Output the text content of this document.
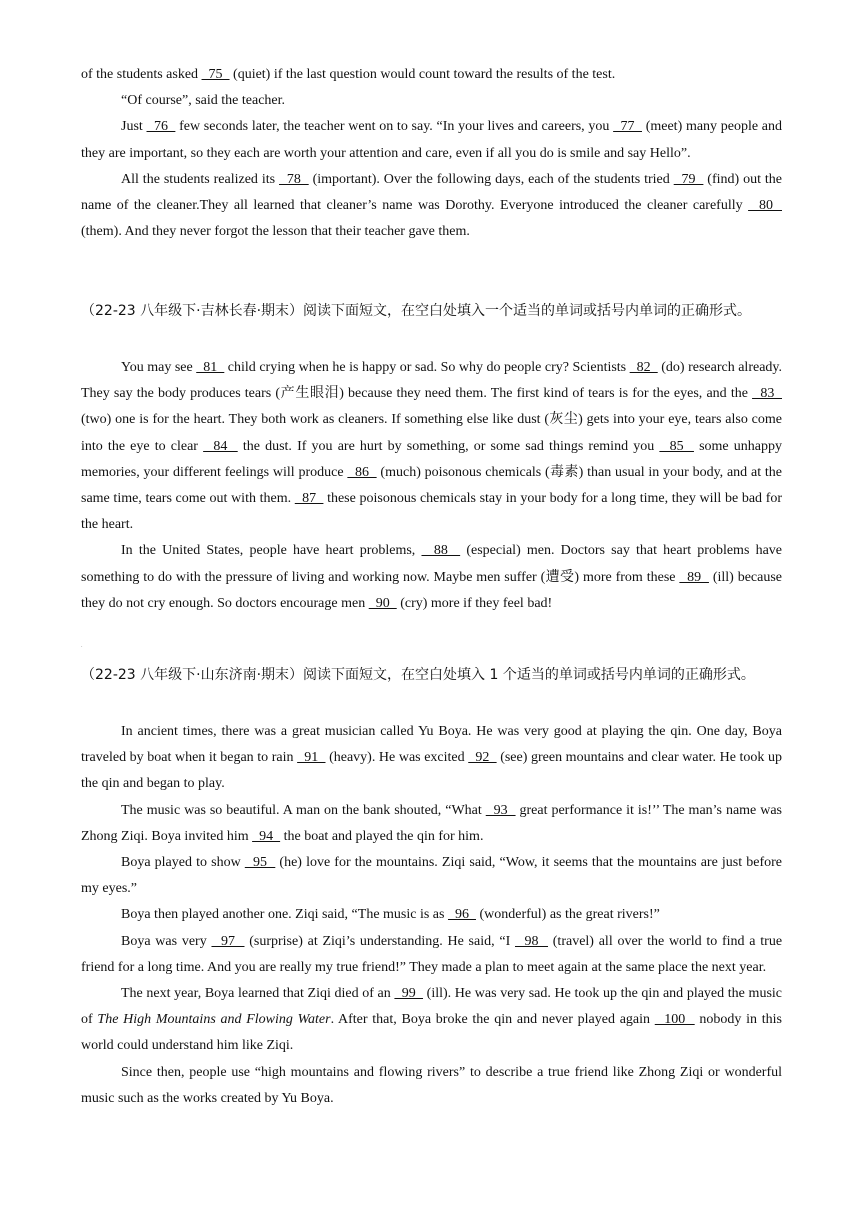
of the students asked   75   (quiet) if the last question would count toward the results of the test.

“Of course”, said the teacher.

Just   76   few seconds later, the teacher went on to say. “In your lives and careers, you   77   (meet) many people and they are important, so they each are worth your attention and care, even if all you do is smile and say Hello”.

All the students realized its   78   (important). Over the following days, each of the students tried   79   (find) out the name of the cleaner.They all learned that cleaner’s name was Dorothy. Everyone introduced the cleaner carefully   80   (them). And they never forgot the lesson that their teacher gave them.

（22-23 八年级下·吉林长春·期末）阅读下面短文，在空白处填入一个适当的单词或括号内单词的正确形式。

You may see   81   child crying when he is happy or sad. So why do people cry? Scientists   82   (do) research already. They say the body produces tears (产生眼泪) because they need them. The first kind of tears is for the eyes, and the   83   (two) one is for the heart. They both work as cleaners. If something else like dust (灰尘) gets into your eye, tears also come into the eye to clear   84   the dust. If you are hurt by something, or some sad things remind you   85   some unhappy memories, your different feelings will produce   86   (much) poisonous chemicals (毒素) than usual in your body, and at the same time, tears come out with them.   87   these poisonous chemicals stay in your body for a long time, they will be bad for the heart.

In the United States, people have heart problems,   88   (especial) men. Doctors say that heart problems have something to do with the pressure of living and working now. Maybe men suffer (遭受) more from these   89   (ill) because they do not cry enough. So doctors encourage men   90   (cry) more if they feel bad!

.
（22-23 八年级下·山东济南·期末）阅读下面短文，在空白处填入 1 个适当的单词或括号内单词的正确形式。

In ancient times, there was a great musician called Yu Boya. He was very good at playing the qin. One day, Boya traveled by boat when it began to rain   91   (heavy). He was excited   92   (see) green mountains and clear water. He took up the qin and began to play.

The music was so beautiful. A man on the bank shouted, “What   93   great performance it is!’’ The man’s name was Zhong Ziqi. Boya invited him   94   the boat and played the qin for him.

Boya played to show   95   (he) love for the mountains. Ziqi said, “Wow, it seems that the mountains are just before my eyes.”

Boya then played another one. Ziqi said, “The music is as   96   (wonderful) as the great rivers!”

Boya was very   97   (surprise) at Ziqi’s understanding. He said, “I   98   (travel) all over the world to find a true friend for a long time. And you are really my true friend!” They made a plan to meet again at the same place the next year.

The next year, Boya learned that Ziqi died of an   99   (ill). He was very sad. He took up the qin and played the music of The High Mountains and Flowing Water. After that, Boya broke the qin and never played again   100   nobody in this world could understand him like Ziqi.

Since then, people use “high mountains and flowing rivers” to describe a true friend like Zhong Ziqi or wonderful music such as the works created by Yu Boya.
